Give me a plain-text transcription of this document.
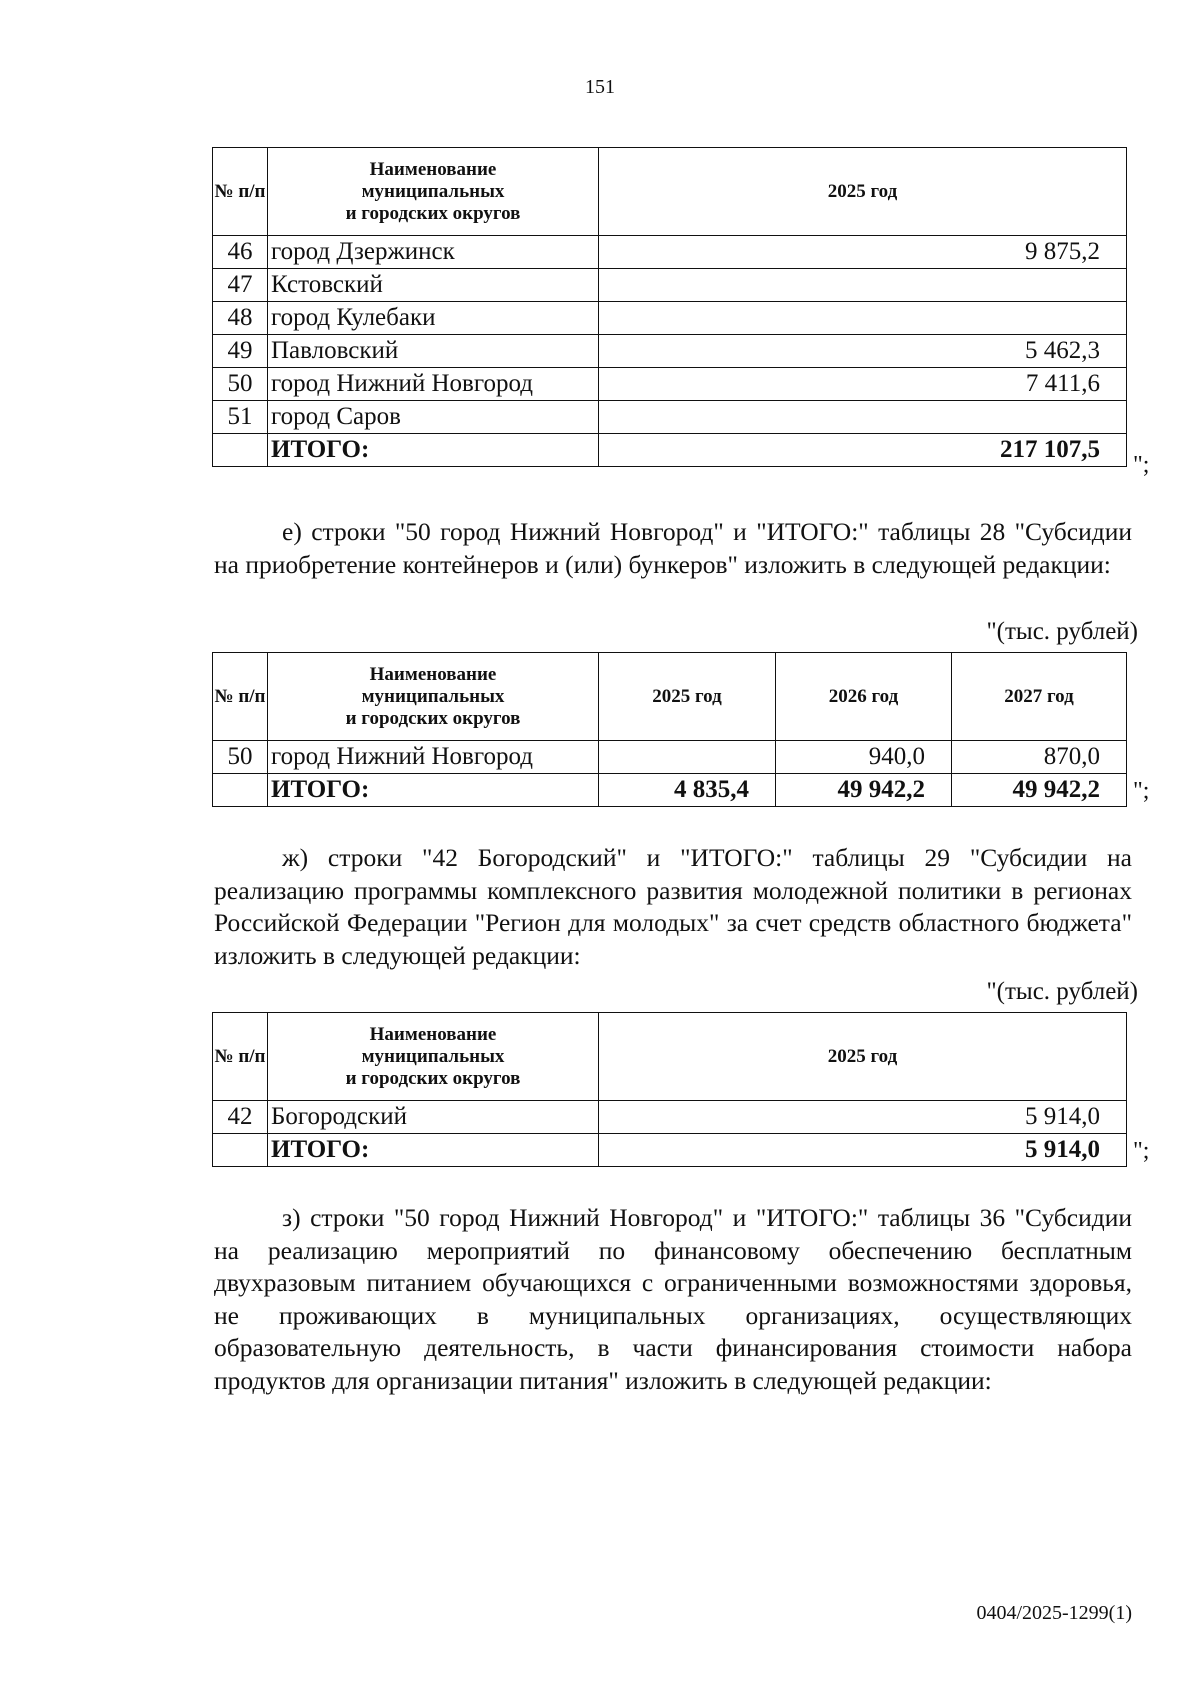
151
№ п/п	Наименование
муниципальных
и городских округов	2025 год
46	город Дзержинск	9 875,2
47	Кстовский	
48	город Кулебаки	
49	Павловский	5 462,3
50	город Нижний Новгород	7 411,6
51	город Саров	
	ИТОГО:	217 107,5
";

е) строки "50 город Нижний Новгород" и "ИТОГО:" таблицы 28 "Субсидии на приобретение контейнеров и (или) бункеров" изложить в следующей редакции:

"(тыс. рублей)
№ п/п	Наименование
муниципальных
и городских округов	2025 год	2026 год	2027 год
50	город Нижний Новгород		940,0	870,0
	ИТОГО:	4 835,4	49 942,2	49 942,2 ";

ж) строки "42 Богородский" и "ИТОГО:" таблицы 29 "Субсидии на реализацию программы комплексного развития молодежной политики в регионах Российской Федерации "Регион для молодых" за счет средств областного бюджета" изложить в следующей редакции:

"(тыс. рублей)
№ п/п	Наименование
муниципальных
и городских округов	2025 год
42	Богородский	5 914,0
	ИТОГО:	5 914,0 ";

з) строки "50 город Нижний Новгород" и "ИТОГО:" таблицы 36 "Субсидии на реализацию мероприятий по финансовому обеспечению бесплатным двухразовым питанием обучающихся с ограниченными возможностями здоровья, не проживающих в муниципальных организациях, осуществляющих образовательную деятельность, в части финансирования стоимости набора продуктов для организации питания" изложить в следующей редакции:

0404/2025-1299(1)
